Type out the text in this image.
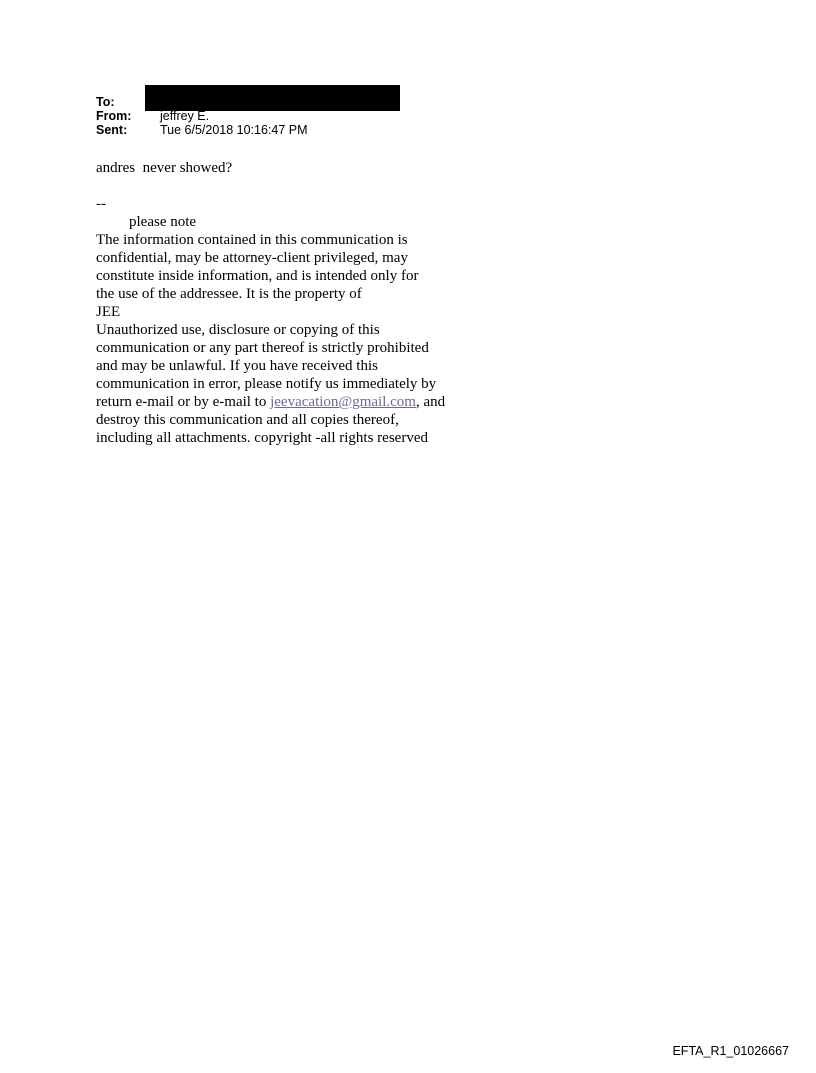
To:
From:	jeffrey E.
Sent:	Tue 6/5/2018 10:16:47 PM

andres  never showed?

--

please note

The information contained in this communication is

confidential, may be attorney-client privileged, may

constitute inside information, and is intended only for

the use of the addressee. It is the property of

JEE

Unauthorized use, disclosure or copying of this

communication or any part thereof is strictly prohibited

and may be unlawful. If you have received this

communication in error, please notify us immediately by

return e-mail or by e-mail to jeevacation@gmail.com, and

destroy this communication and all copies thereof,

including all attachments. copyright -all rights reserved

EFTA_R1_01026667
